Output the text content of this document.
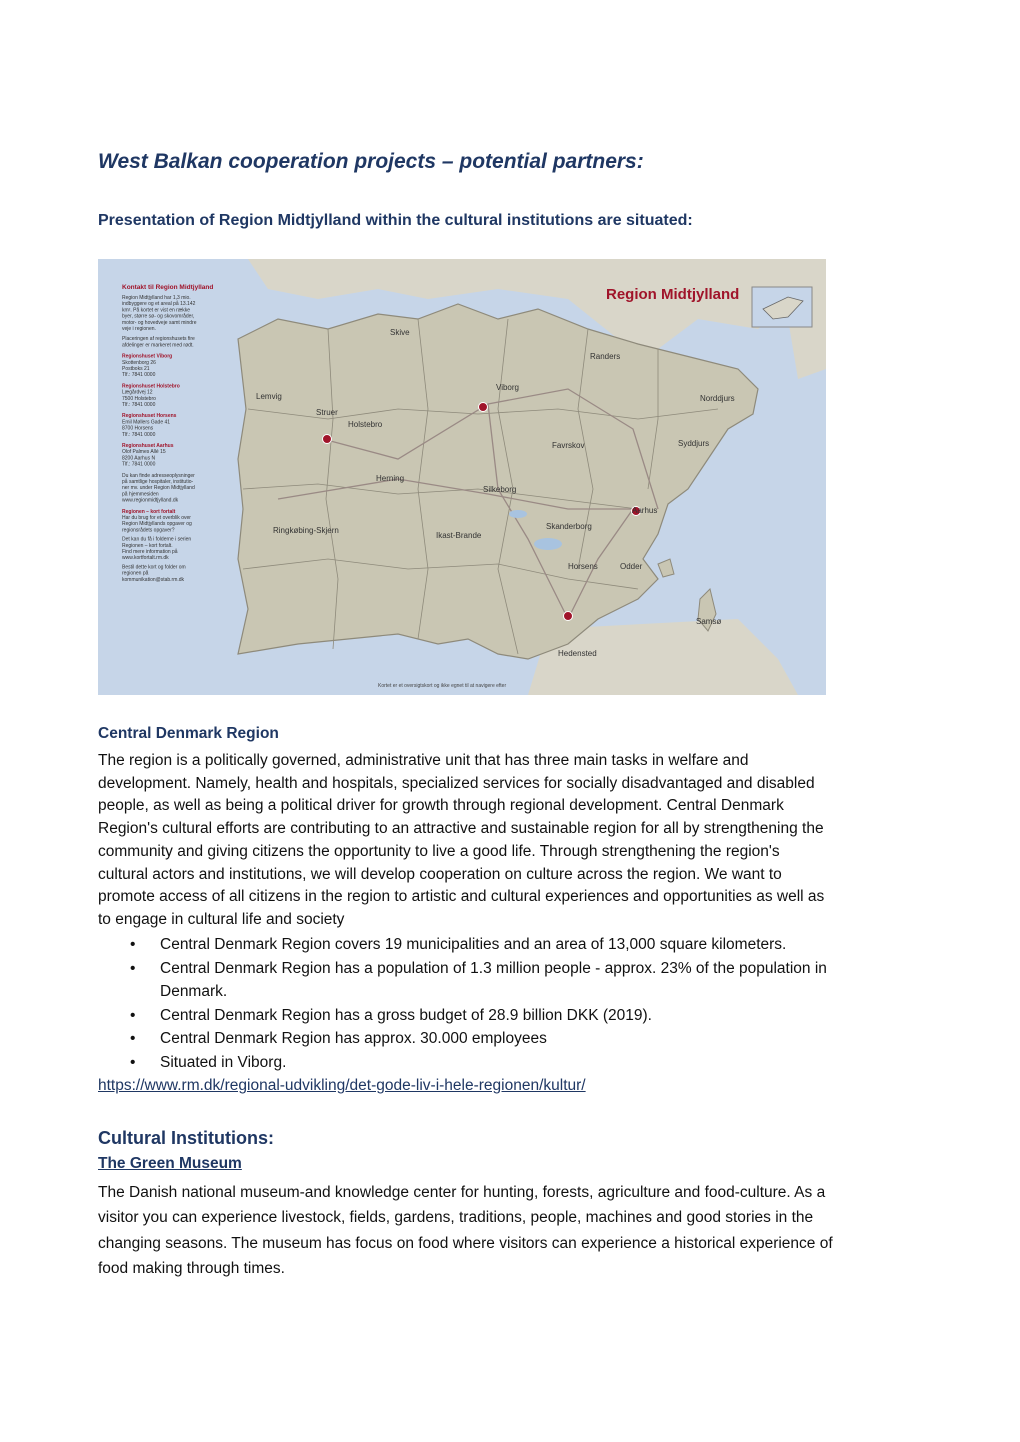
West Balkan cooperation projects – potential partners:
Presentation of Region Midtjylland within the cultural institutions are situated:
Region Midtjylland
Skive
Lemvig
Struer
Holstebro
Viborg
Randers
Norddjurs
Syddjurs
Favrskov
Herning
Silkeborg
Aarhus
Skanderborg
Ringkøbing-Skjern
Ikast-Brande
Horsens	Odder
Samsø
Hedensted
Kontakt til Region Midtjylland
Region Midtjylland har 1,3 mio.
indbyggere og et areal på 13.142
km². På kortet er vist en række
byer, større sø- og skovområder,
motor- og hovedveje samt mindre
veje i regionen.
Placeringen af regionshusets fire
afdelinger er markeret med rødt.
Regionshuset Viborg
Skottenborg 26
Postboks 21
Tlf.: 7841 0000
Regionshuset Holstebro
Lægårdvej 12
7500 Holstebro
Tlf.: 7841 0000
Regionshuset Horsens
Emil Møllers Gade 41
8700 Horsens
Tlf.: 7841 0000
Regionshuset Aarhus
Olof Palmes Allé 15
8200 Aarhus N
Tlf.: 7841 0000
Du kan finde adresseoplysninger
på samtlige hospitaler, institutio-
ner mv. under Region Midtjylland
på hjemmesiden
www.regionmidtjylland.dk
Regionen – kort fortalt
Har du brug for et overblik over
Region Midtjyllands opgaver og
regionsrådets opgaver?
Det kan du få i folderne i serien
Regionen – kort fortalt.
Find mere information på
www.kortfortalt.rm.dk
Bestil dette kort og folder om
regionen på
kommunikation@stab.rm.dk
Kortet er et oversigtskort og ikke egnet til at navigere efter
Central Denmark Region
The region is a politically governed, administrative unit that has three main tasks in welfare and
development. Namely, health and hospitals, specialized services for socially disadvantaged and disabled
people, as well as being a political driver for growth through regional development. Central Denmark
Region's cultural efforts are contributing to an attractive and sustainable region for all by strengthening the
community and giving citizens the opportunity to live a good life. Through strengthening the region's
cultural actors and institutions, we will develop cooperation on culture across the region. We want to
promote access of all citizens in the region to artistic and cultural experiences and opportunities as well as
to engage in cultural life and society
• Central Denmark Region covers 19 municipalities and an area of 13,000 square kilometers.
• Central Denmark Region has a population of 1.3 million people - approx. 23% of the population in
Denmark.
• Central Denmark Region has a gross budget of 28.9 billion DKK (2019).
• Central Denmark Region has approx. 30.000 employees
• Situated in Viborg.
https://www.rm.dk/regional-udvikling/det-gode-liv-i-hele-regionen/kultur/
Cultural Institutions:
The Green Museum
The Danish national museum-and knowledge center for hunting, forests, agriculture and food-culture. As a
visitor you can experience livestock, fields, gardens, traditions, people, machines and good stories in the
changing seasons. The museum has focus on food where visitors can experience a historical experience of
food making through times.
